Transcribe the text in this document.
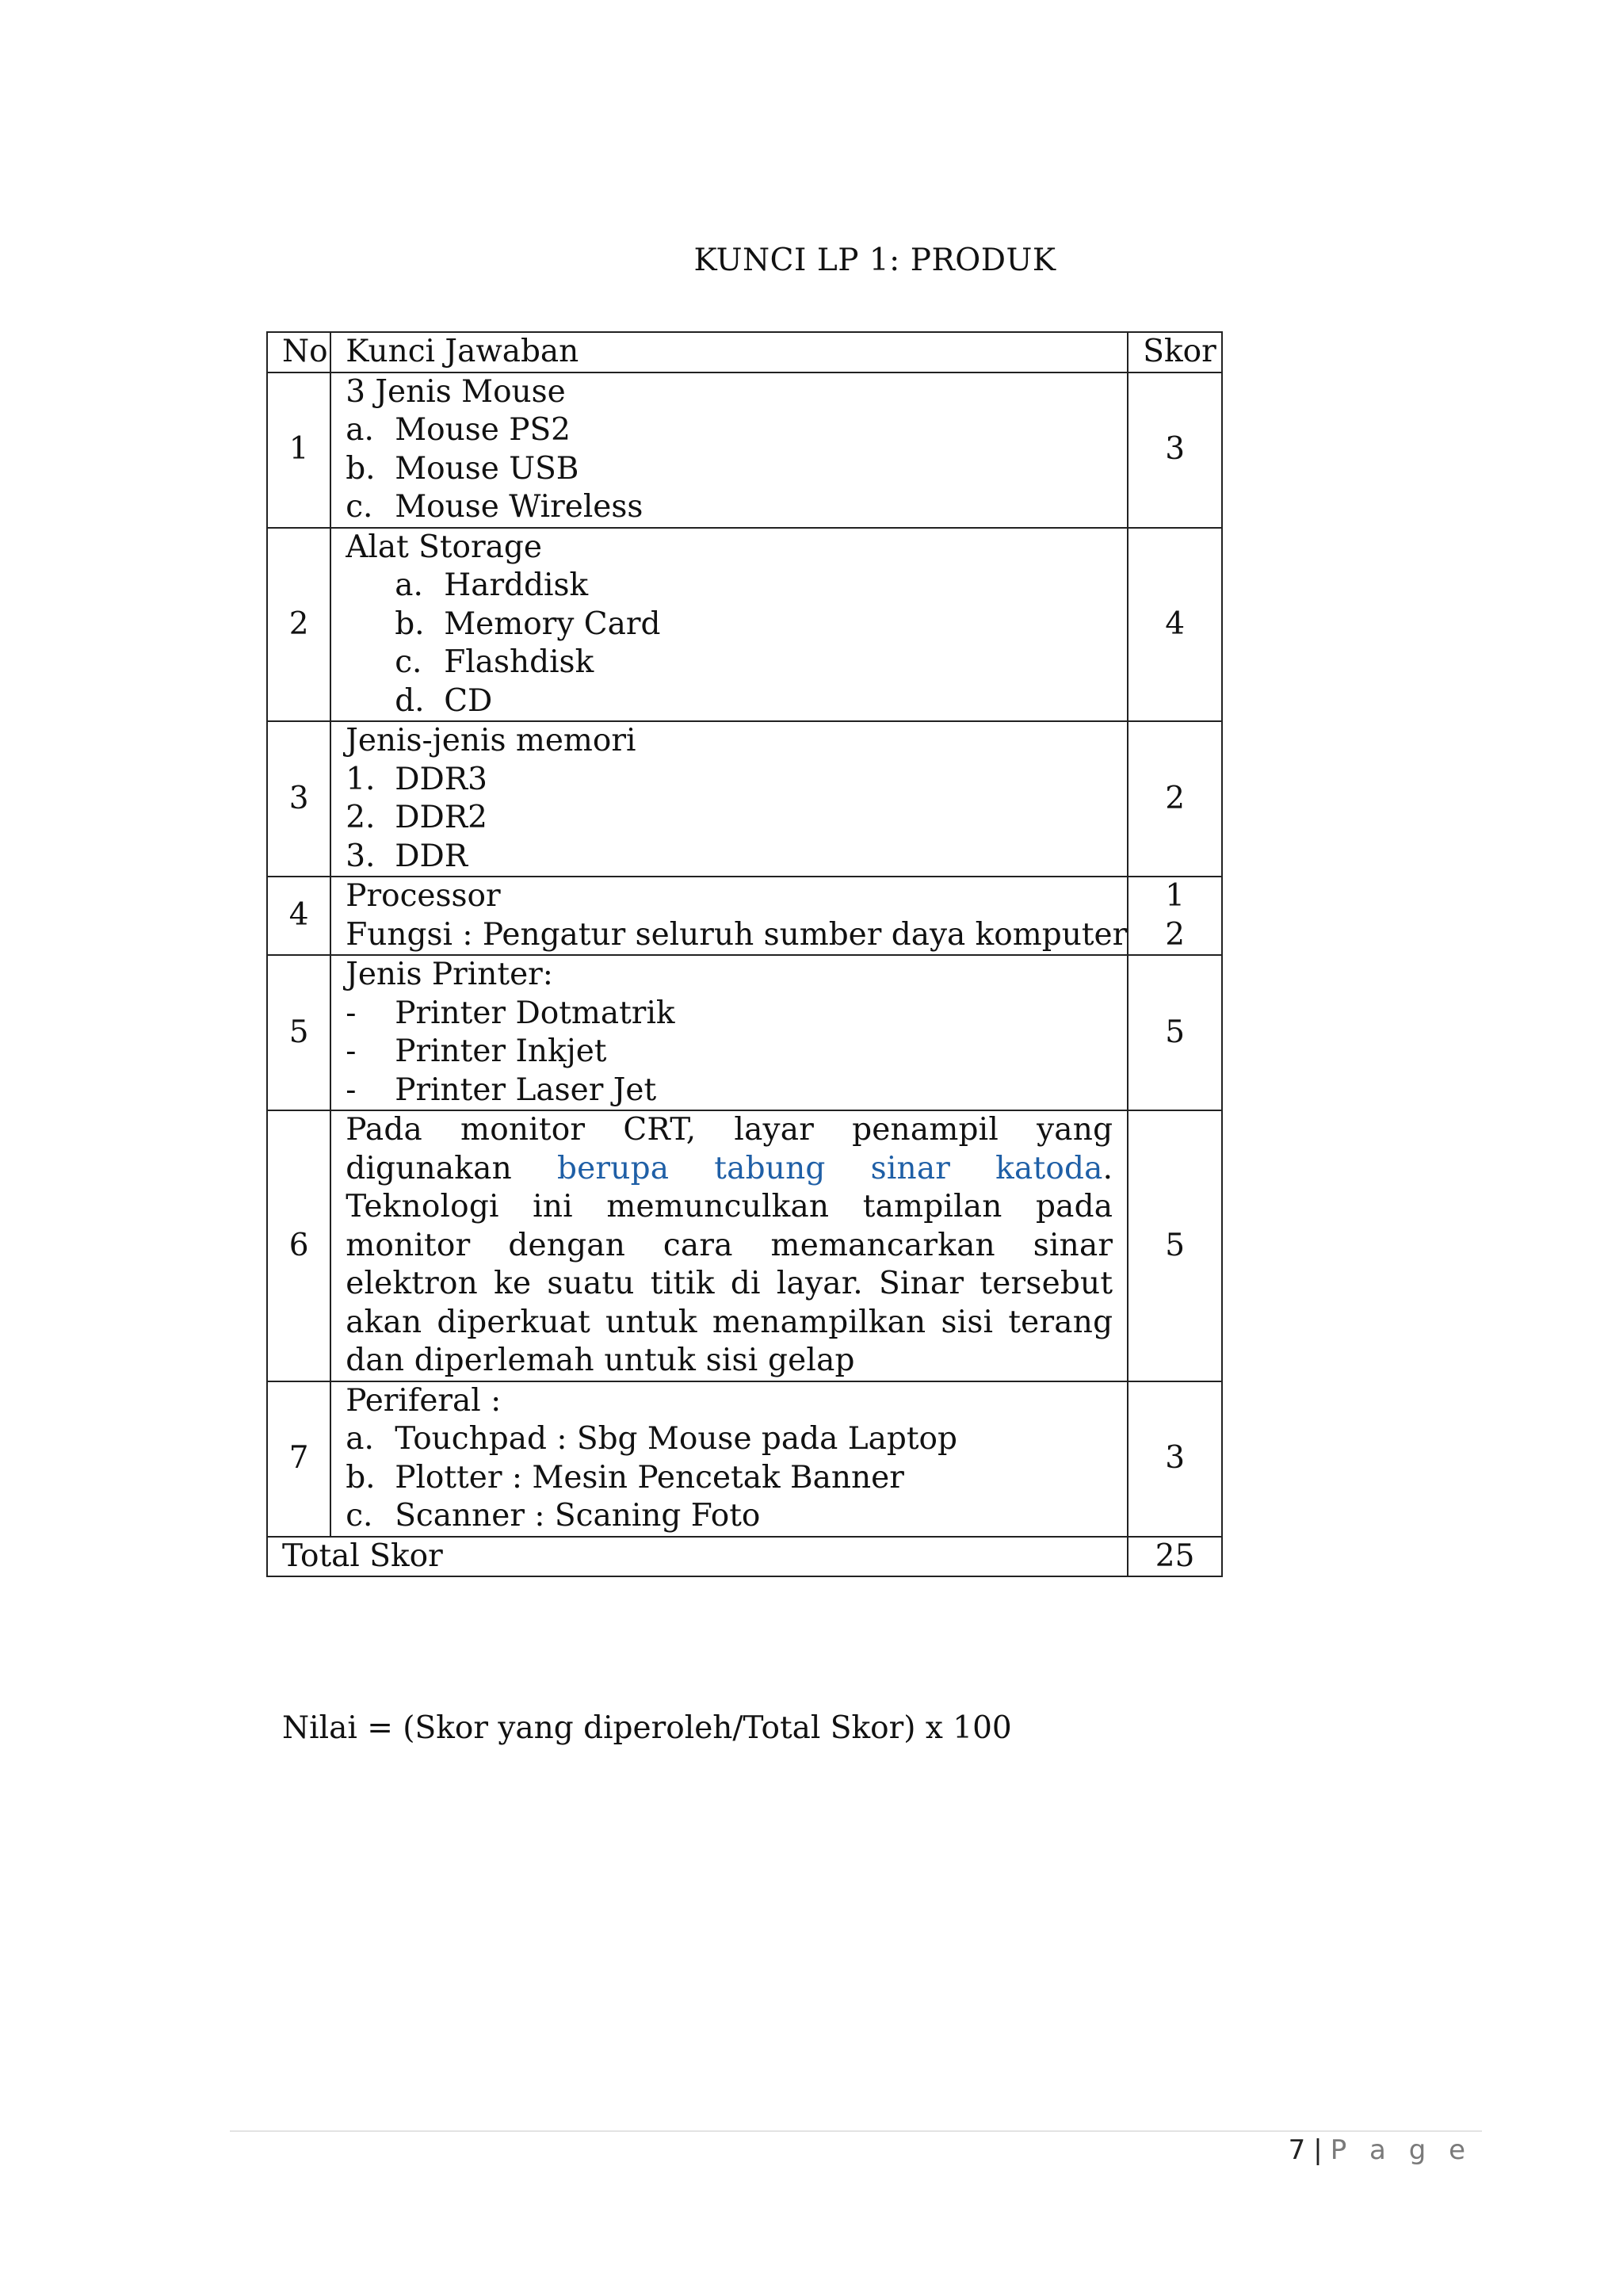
KUNCI LP 1: PRODUK
No	Kunci Jawaban	Skor
1	3 Jenis Mouse
a. Mouse PS2
b. Mouse USB
c. Mouse Wireless	3
2	Alat Storage
a. Harddisk
b. Memory Card
c. Flashdisk
d. CD	4
3	Jenis-jenis memori
1. DDR3
2. DDR2
3. DDR	2
4	Processor
Fungsi : Pengatur seluruh sumber daya komputer	1
2

5	Jenis Printer:
- Printer Dotmatrik
- Printer Inkjet
- Printer Laser Jet	5
6	Pada monitor CRT, layar penampil yang digunakan berupa tabung sinar katoda. Teknologi ini memunculkan tampilan pada monitor dengan cara memancarkan sinar elektron ke suatu titik di layar. Sinar tersebut akan diperkuat untuk menampilkan sisi terang dan diperlemah untuk sisi gelap	5
7	Periferal :
a. Touchpad : Sbg Mouse pada Laptop
b. Plotter : Mesin Pencetak Banner
c. Scanner : Scaning Foto	3
Total Skor		25
Nilai = (Skor yang diperoleh/Total Skor) x 100
7 | P a g e
